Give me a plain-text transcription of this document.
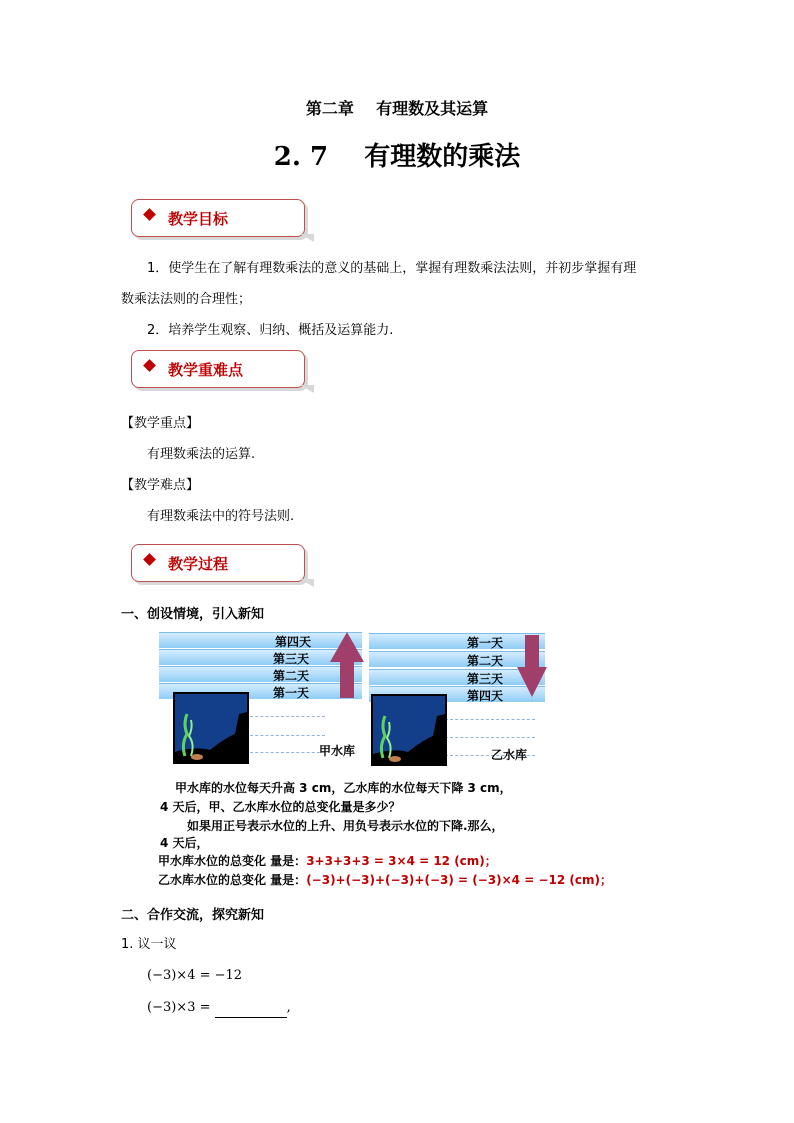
第二章    有理数及其运算
2. 7    有理数的乘法
教学目标
1．使学生在了解有理数乘法的意义的基础上，掌握有理数乘法法则，并初步掌握有理
数乘法法则的合理性；
2．培养学生观察、归纳、概括及运算能力.
教学重难点
【教学重点】
有理数乘法的运算.
【教学难点】
有理数乘法中的符号法则.
教学过程
一、创设情境，引入新知
第四天
第三天
第二天
第一天
甲水库
第一天
第二天
第三天
第四天
乙水库
甲水库的水位每天升高 3 cm，乙水库的水位每天下降 3 cm，
4 天后，甲、乙水库水位的总变化量是多少？
如果用正号表示水位的上升、用负号表示水位的下降.那么，
4 天后，
甲水库水位的总变化 量是：3+3+3+3 = 3×4 = 12 (cm)；
乙水库水位的总变化 量是：(−3)+(−3)+(−3)+(−3) = (−3)×4 = −12 (cm)；
二、合作交流，探究新知
1. 议一议
(−3)×4 = −12
(−3)×3 =	,
